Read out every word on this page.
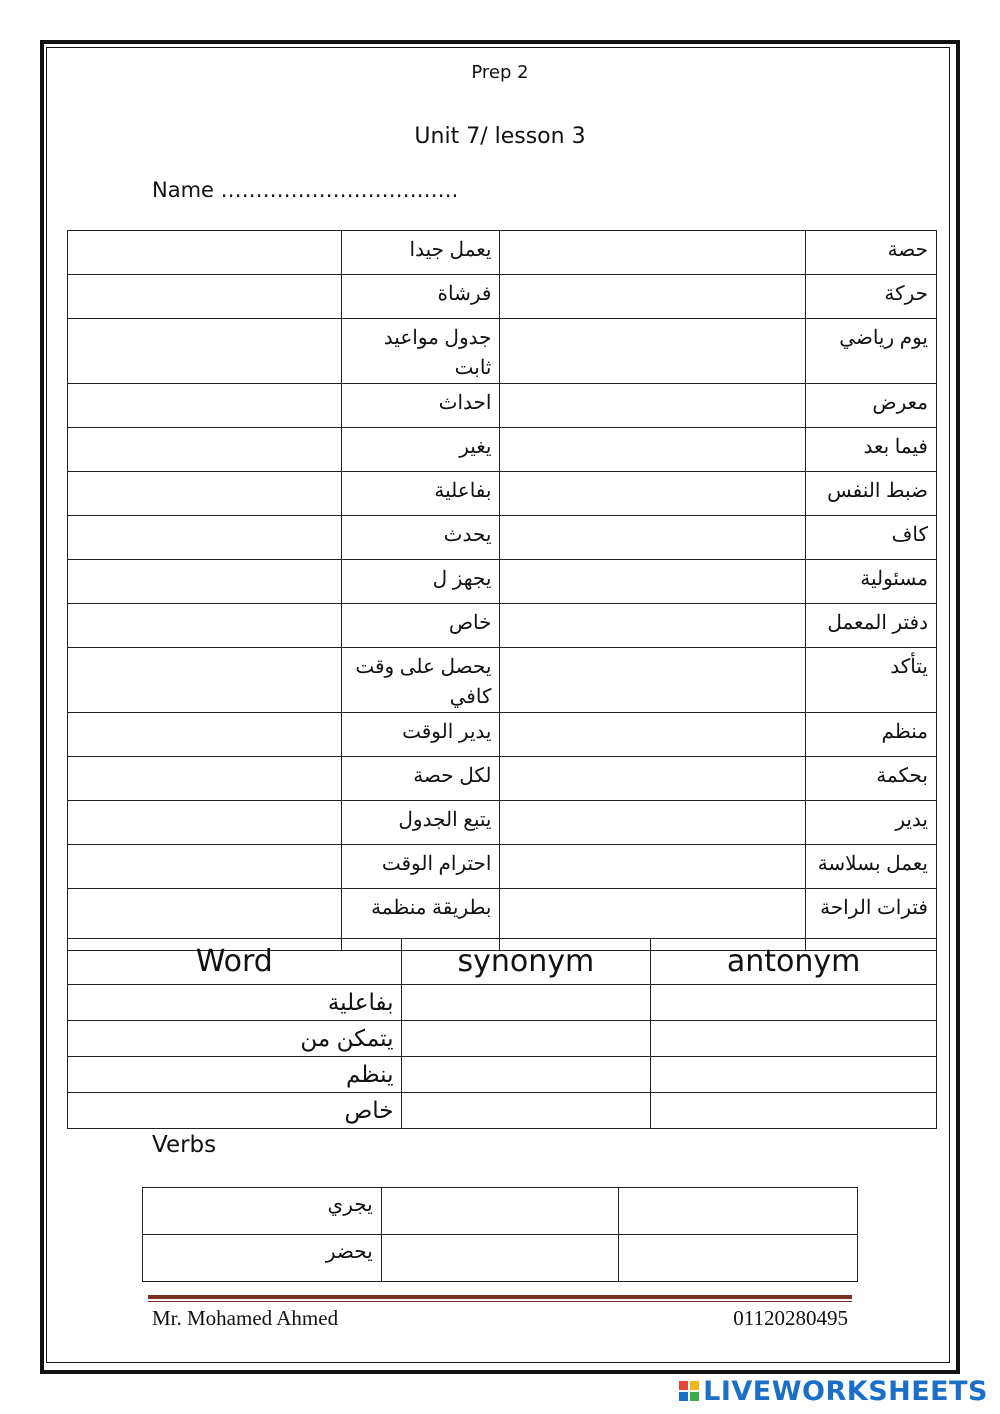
Prep 2
Unit 7/ lesson 3
Name …………………………….
	يعمل جيدا		حصة
	فرشاة		حركة
	جدول مواعيد ثابت		يوم رياضي
	احداث		معرض
	يغير		فيما بعد
	بفاعلية		ضبط النفس
	يحدث		كاف
	يجهز ل		مسئولية
	خاص		دفتر المعمل
	يحصل على وقت كافي		يتأكد
	يدير الوقت		منظم
	لكل حصة		بحكمة
	يتبع الجدول		يدير
	احترام الوقت		يعمل بسلاسة
	بطريقة منظمة		فترات الراحة
Word	synonym	antonym
بفاعلية		
يتمكن من		
ينظم		
خاص		
Verbs
يجري		
يحضر		
Mr. Mohamed Ahmed	01120280495
LIVEWORKSHEETS
